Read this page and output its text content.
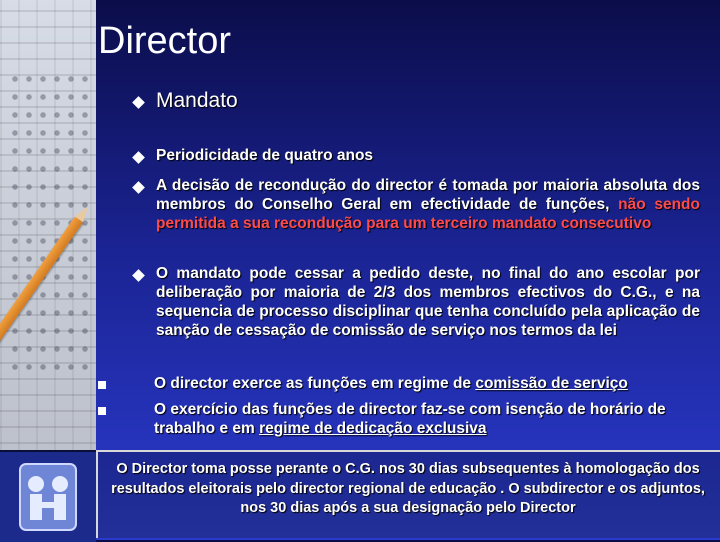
Director
Mandato
Periodicidade de quatro anos
A decisão de recondução do director é tomada por maioria absoluta dos membros do Conselho Geral em efectividade de funções, não sendo permitida a sua recondução para um terceiro mandato consecutivo
O mandato pode cessar a pedido deste, no final do ano escolar por deliberação por maioria de 2/3 dos membros efectivos do C.G., e na sequencia de processo disciplinar que tenha concluído pela aplicação de sanção de cessação de comissão de serviço nos termos da lei
O director exerce as funções em regime de comissão de serviço
O exercício das funções de director faz-se com isenção de horário de trabalho e em regime de dedicação exclusiva
O Director toma posse perante o C.G. nos 30 dias subsequentes à homologação dos resultados eleitorais pelo director regional de educação . O subdirector e os adjuntos, nos 30 dias após a sua designação pelo Director
